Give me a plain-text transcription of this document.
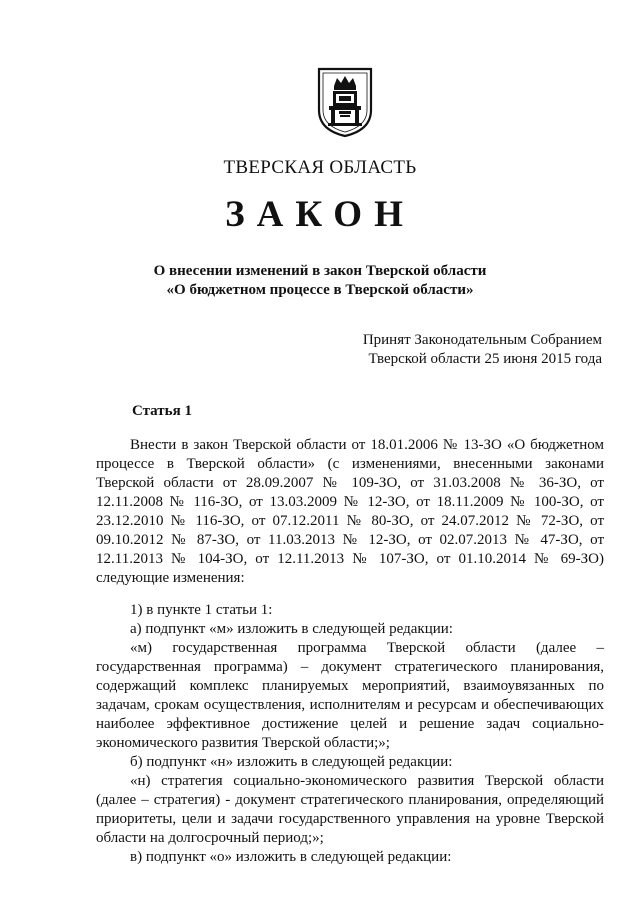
ТВЕРСКАЯ ОБЛАСТЬ
ЗАКОН
О внесении изменений в закон Тверской области
«О бюджетном процессе в Тверской области»
Принят Законодательным Собранием
Тверской области 25 июня 2015 года
Статья 1

Внести в закон Тверской области от 18.01.2006 № 13-ЗО «О бюджетном процессе в Тверской области» (с изменениями, внесенными законами Тверской области от 28.09.2007 № 109-ЗО, от 31.03.2008 № 36-ЗО, от 12.11.2008 № 116-ЗО, от 13.03.2009 № 12-ЗО, от 18.11.2009 № 100-ЗО, от 23.12.2010 № 116-ЗО, от 07.12.2011 № 80-ЗО, от 24.07.2012 № 72-ЗО, от 09.10.2012 № 87-ЗО, от 11.03.2013 № 12-ЗО, от 02.07.2013 № 47-ЗО, от 12.11.2013 № 104-ЗО, от 12.11.2013 № 107-ЗО, от 01.10.2014 № 69-ЗО) следующие изменения:

1) в пункте 1 статьи 1:

а) подпункт «м» изложить в следующей редакции:

«м) государственная программа Тверской области (далее – государственная программа) – документ стратегического планирования, содержащий комплекс планируемых мероприятий, взаимоувязанных по задачам, срокам осуществления, исполнителям и ресурсам и обеспечивающих наиболее эффективное достижение целей и решение задач социально-экономического развития Тверской области;»;

б) подпункт «н» изложить в следующей редакции:

«н) стратегия социально-экономического развития Тверской области (далее – стратегия) - документ стратегического планирования, определяющий приоритеты, цели и задачи государственного управления на уровне Тверской области на долгосрочный период;»;

в) подпункт «о» изложить в следующей редакции:
